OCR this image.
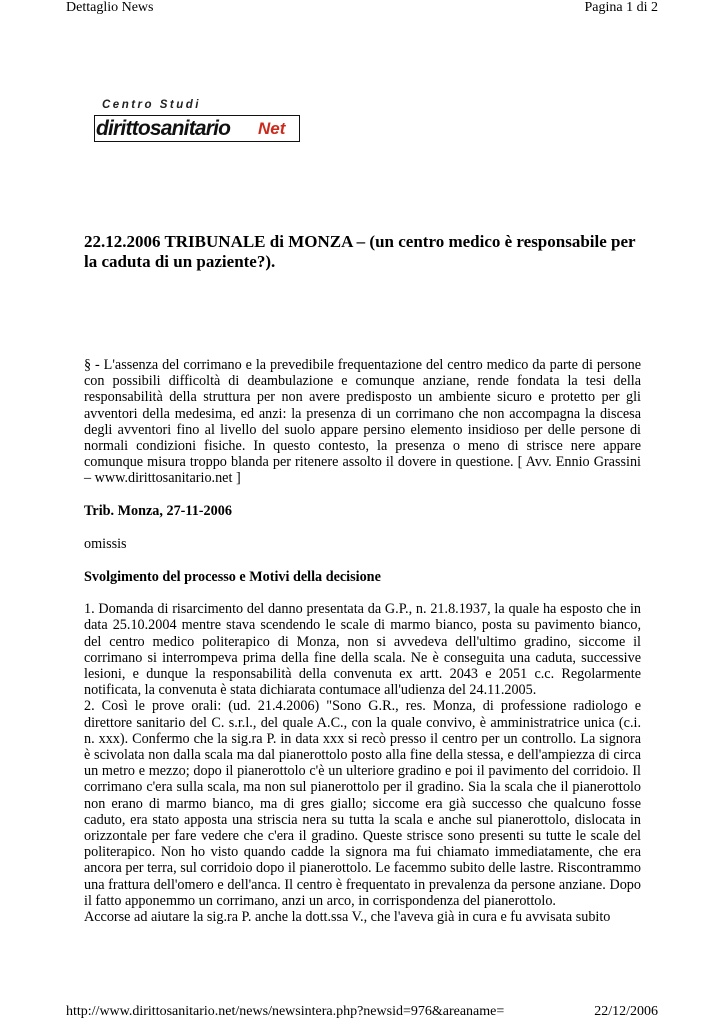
Dettaglio News	Pagina 1 di 2
Centro Studi
dirittosanitario Net
22.12.2006 TRIBUNALE di MONZA – (un centro medico è responsabile per la caduta di un paziente?).

§ - L'assenza del corrimano e la prevedibile frequentazione del centro medico da parte di persone con possibili difficoltà di deambulazione e comunque anziane, rende fondata la tesi della responsabilità della struttura per non avere predisposto un ambiente sicuro e protetto per gli avventori della medesima, ed anzi: la presenza di un corrimano che non accompagna la discesa degli avventori fino al livello del suolo appare persino elemento insidioso per delle persone di normali condizioni fisiche. In questo contesto, la presenza o meno di strisce nere appare comunque misura troppo blanda per ritenere assolto il dovere in questione. [ Avv. Ennio Grassini – www.dirittosanitario.net ]

Trib. Monza, 27-11-2006

omissis

Svolgimento del processo e Motivi della decisione

1. Domanda di risarcimento del danno presentata da G.P., n. 21.8.1937, la quale ha esposto che in data 25.10.2004 mentre stava scendendo le scale di marmo bianco, posta su pavimento bianco, del centro medico politerapico di Monza, non si avvedeva dell'ultimo gradino, siccome il corrimano si interrompeva prima della fine della scala. Ne è conseguita una caduta, successive lesioni, e dunque la responsabilità della convenuta ex artt. 2043 e 2051 c.c. Regolarmente notificata, la convenuta è stata dichiarata contumace all'udienza del 24.11.2005.

2. Così le prove orali: (ud. 21.4.2006) "Sono G.R., res. Monza, di professione radiologo e direttore sanitario del C. s.r.l., del quale A.C., con la quale convivo, è amministratrice unica (c.i. n. xxx). Confermo che la sig.ra P. in data xxx si recò presso il centro per un controllo. La signora è scivolata non dalla scala ma dal pianerottolo posto alla fine della stessa, e dell'ampiezza di circa un metro e mezzo; dopo il pianerottolo c'è un ulteriore gradino e poi il pavimento del corridoio. Il corrimano c'era sulla scala, ma non sul pianerottolo per il gradino. Sia la scala che il pianerottolo non erano di marmo bianco, ma di gres giallo; siccome era già successo che qualcuno fosse caduto, era stato apposta una striscia nera su tutta la scala e anche sul pianerottolo, dislocata in orizzontale per fare vedere che c'era il gradino. Queste strisce sono presenti su tutte le scale del politerapico. Non ho visto quando cadde la signora ma fui chiamato immediatamente, che era ancora per terra, sul corridoio dopo il pianerottolo. Le facemmo subito delle lastre. Riscontrammo una frattura dell'omero e dell'anca. Il centro è frequentato in prevalenza da persone anziane. Dopo il fatto apponemmo un corrimano, anzi un arco, in corrispondenza del pianerottolo.

Accorse ad aiutare la sig.ra P. anche la dott.ssa V., che l'aveva già in cura e fu avvisata subito

http://www.dirittosanitario.net/news/newsintera.php?newsid=976&areaname=	22/12/2006
